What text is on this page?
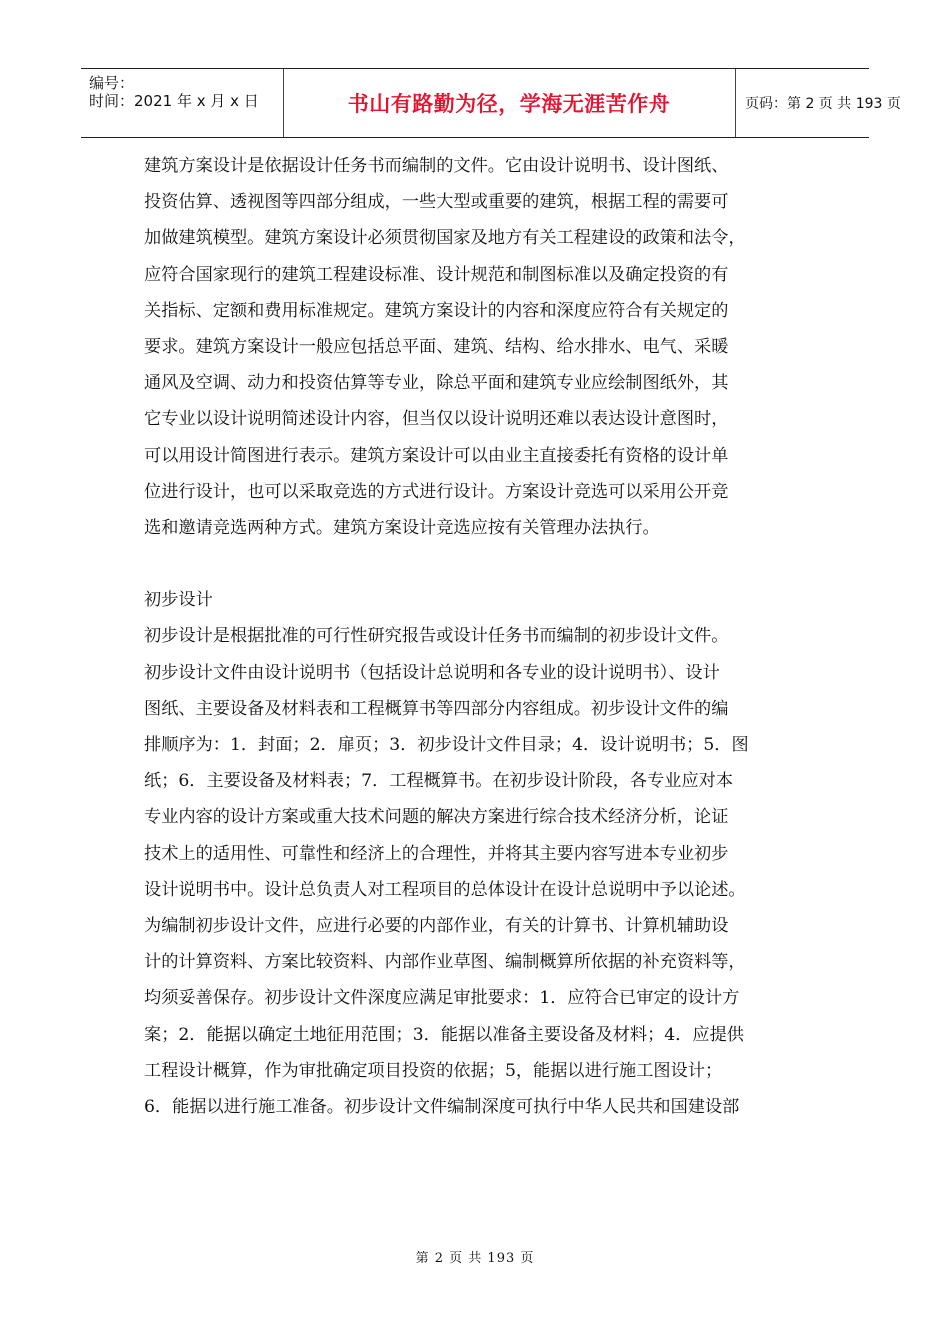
编号：
时间：2021 年 x 月 x 日	书山有路勤为径，学海无涯苦作舟	页码：第 2 页 共 193 页

建筑方案设计是依据设计任务书而编制的文件。它由设计说明书、设计图纸、

投资估算、透视图等四部分组成，一些大型或重要的建筑，根据工程的需要可

加做建筑模型。建筑方案设计必须贯彻国家及地方有关工程建设的政策和法令，

应符合国家现行的建筑工程建设标准、设计规范和制图标准以及确定投资的有

关指标、定额和费用标准规定。建筑方案设计的内容和深度应符合有关规定的

要求。建筑方案设计一般应包括总平面、建筑、结构、给水排水、电气、采暖

通风及空调、动力和投资估算等专业，除总平面和建筑专业应绘制图纸外，其

它专业以设计说明简述设计内容，但当仅以设计说明还难以表达设计意图时，

可以用设计简图进行表示。建筑方案设计可以由业主直接委托有资格的设计单

位进行设计，也可以采取竞选的方式进行设计。方案设计竞选可以采用公开竞

选和邀请竞选两种方式。建筑方案设计竞选应按有关管理办法执行。

初步设计

初步设计是根据批准的可行性研究报告或设计任务书而编制的初步设计文件。

初步设计文件由设计说明书（包括设计总说明和各专业的设计说明书）、设计

图纸、主要设备及材料表和工程概算书等四部分内容组成。初步设计文件的编

排顺序为：1．封面；2．扉页；3．初步设计文件目录；4．设计说明书；5．图

纸；6．主要设备及材料表；7．工程概算书。在初步设计阶段，各专业应对本

专业内容的设计方案或重大技术问题的解决方案进行综合技术经济分析，论证

技术上的适用性、可靠性和经济上的合理性，并将其主要内容写进本专业初步

设计说明书中。设计总负责人对工程项目的总体设计在设计总说明中予以论述。

为编制初步设计文件，应进行必要的内部作业，有关的计算书、计算机辅助设

计的计算资料、方案比较资料、内部作业草图、编制概算所依据的补充资料等，

均须妥善保存。初步设计文件深度应满足审批要求：1．应符合已审定的设计方

案；2．能据以确定土地征用范围；3．能据以准备主要设备及材料；4．应提供

工程设计概算，作为审批确定项目投资的依据；5，能据以进行施工图设计；

6．能据以进行施工准备。初步设计文件编制深度可执行中华人民共和国建设部

第 2 页 共 193 页
